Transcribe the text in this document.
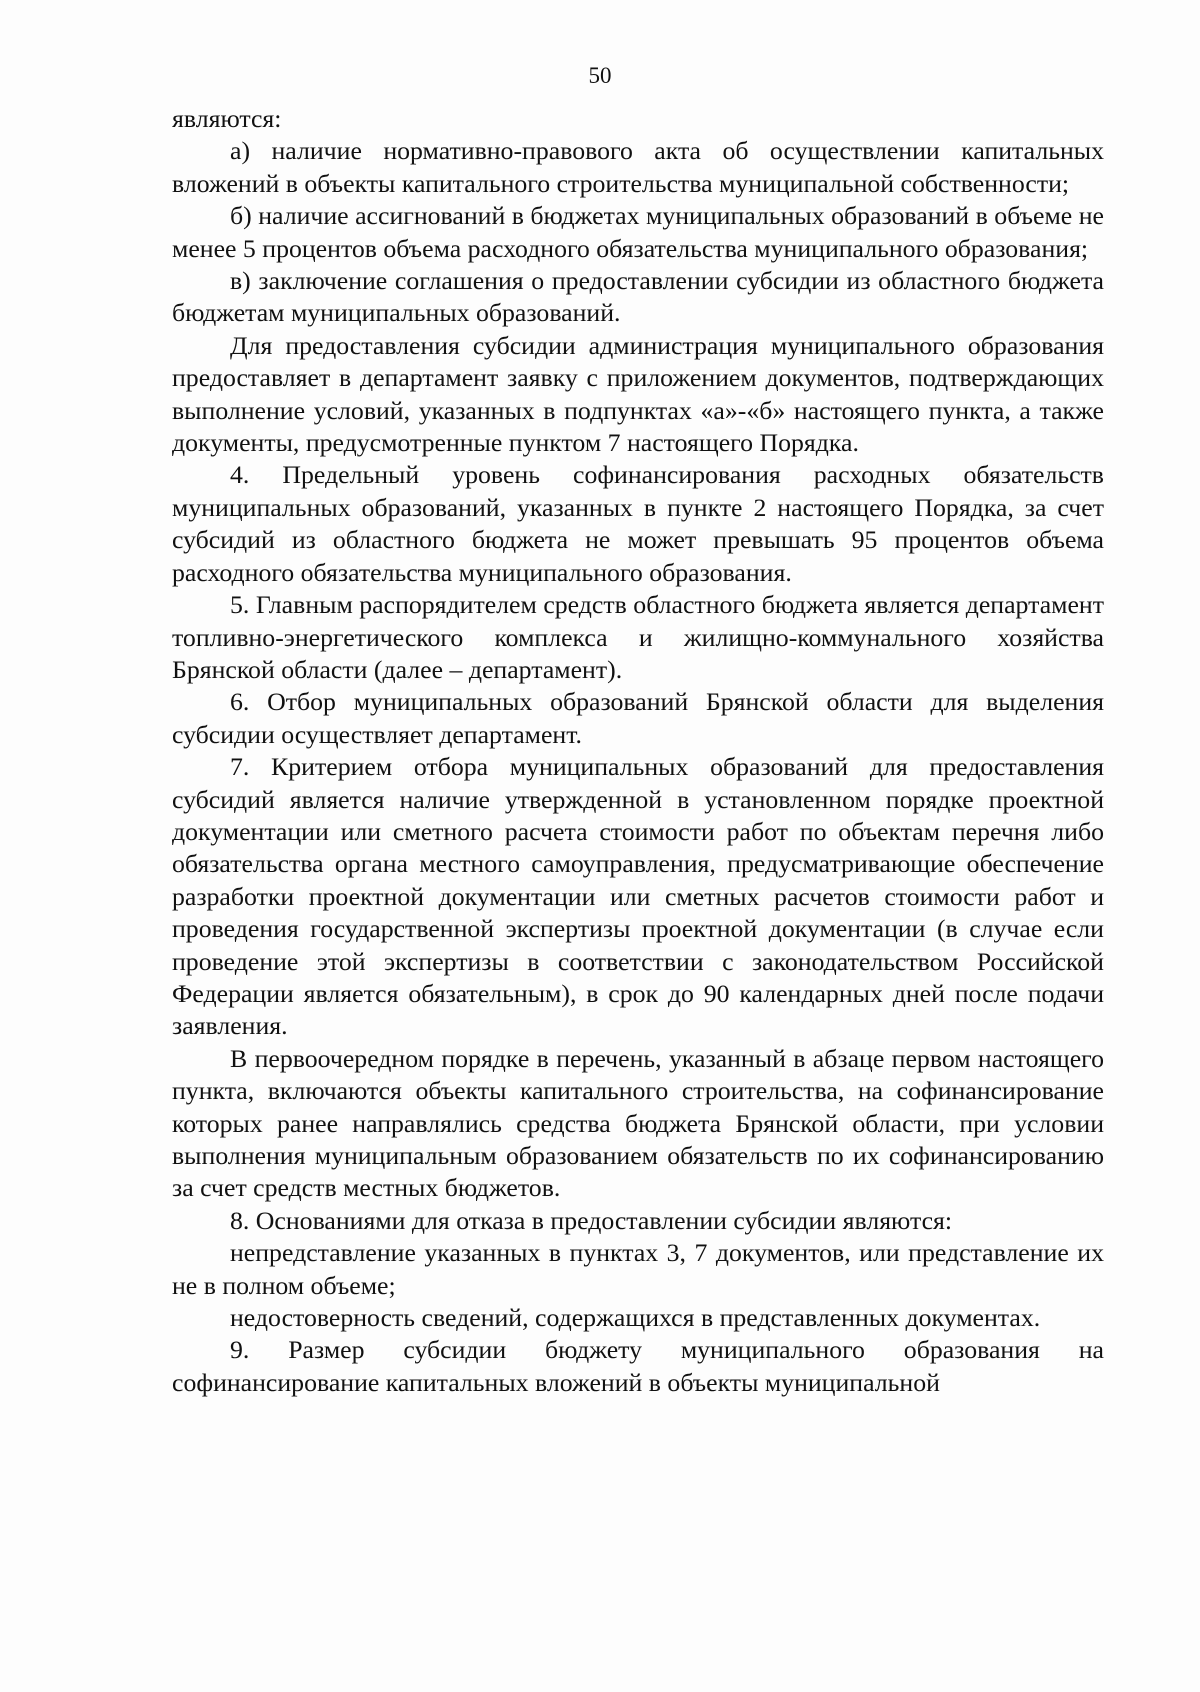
50

являются:

а) наличие нормативно-правового акта об осуществлении капитальных вложений в объекты капитального строительства муниципальной собственности;

б) наличие ассигнований в бюджетах муниципальных образований в объеме не менее 5 процентов объема расходного обязательства муниципального образования;

в) заключение соглашения о предоставлении субсидии из областного бюджета бюджетам муниципальных образований.

Для предоставления субсидии администрация муниципального образования предоставляет в департамент заявку с приложением документов, подтверждающих выполнение условий, указанных в подпунктах «а»-«б» настоящего пункта, а также документы, предусмотренные пунктом 7 настоящего Порядка.

4. Предельный уровень софинансирования расходных обязательств муниципальных образований, указанных в пункте 2 настоящего Порядка, за счет субсидий из областного бюджета не может превышать 95 процентов объема расходного обязательства муниципального образования.

5. Главным распорядителем средств областного бюджета является департамент топливно-энергетического комплекса и жилищно-коммунального хозяйства Брянской области (далее – департамент).

6. Отбор муниципальных образований Брянской области для выделения субсидии осуществляет департамент.

7. Критерием отбора муниципальных образований для предоставления субсидий является наличие утвержденной в установленном порядке проектной документации или сметного расчета стоимости работ по объектам перечня либо обязательства органа местного самоуправления, предусматривающие обеспечение разработки проектной документации или сметных расчетов стоимости работ и проведения государственной экспертизы проектной документации (в случае если проведение этой экспертизы в соответствии с законодательством Российской Федерации является обязательным), в срок до 90 календарных дней после подачи заявления.

В первоочередном порядке в перечень, указанный в абзаце первом настоящего пункта, включаются объекты капитального строительства, на софинансирование которых ранее направлялись средства бюджета Брянской области, при условии выполнения муниципальным образованием обязательств по их софинансированию за счет средств местных бюджетов.

8. Основаниями для отказа в предоставлении субсидии являются:

непредставление указанных в пунктах 3, 7 документов, или представление их не в полном объеме;

недостоверность сведений, содержащихся в представленных документах.

9. Размер субсидии бюджету муниципального образования на софинансирование капитальных вложений в объекты муниципальной
